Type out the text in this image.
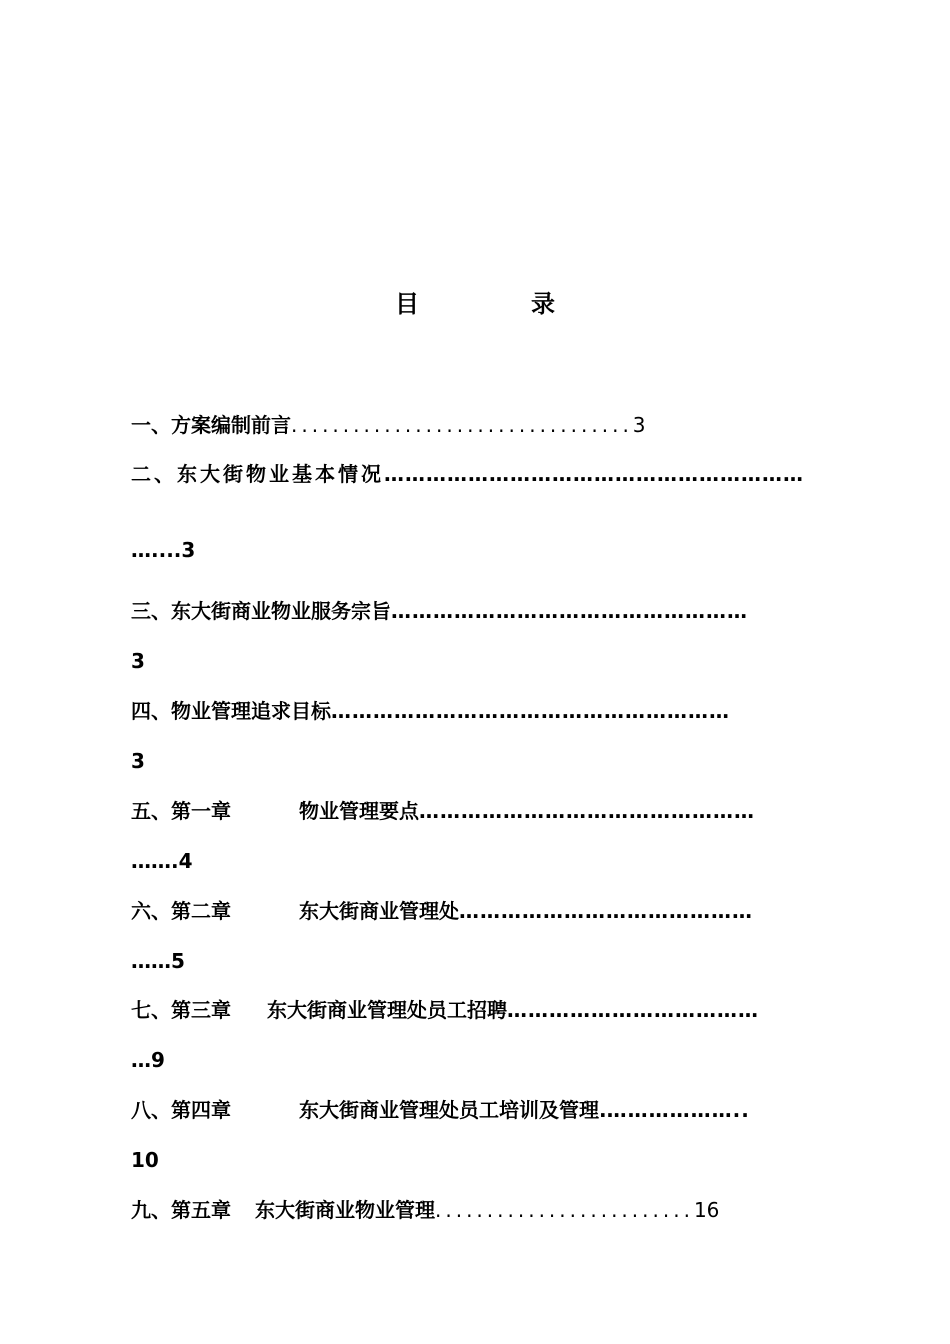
目　录
一、方案编制前言.................................3
二、东大街物业基本情况……………………………………………………
…....3
三、东大街商业物业服务宗旨……………………………………………
3
四、物业管理追求目标…………………………………………………
3
五、第一章	物业管理要点…………………………………………
…….4
六、第二章	东大街商业管理处……………………………………
……5
七、第三章 东大街商业管理处员工招聘………………………………
…9
八、第四章	东大街商业管理处员工培训及管理.………………..
10
九、第五章 东大街商业物业管理.........................16
